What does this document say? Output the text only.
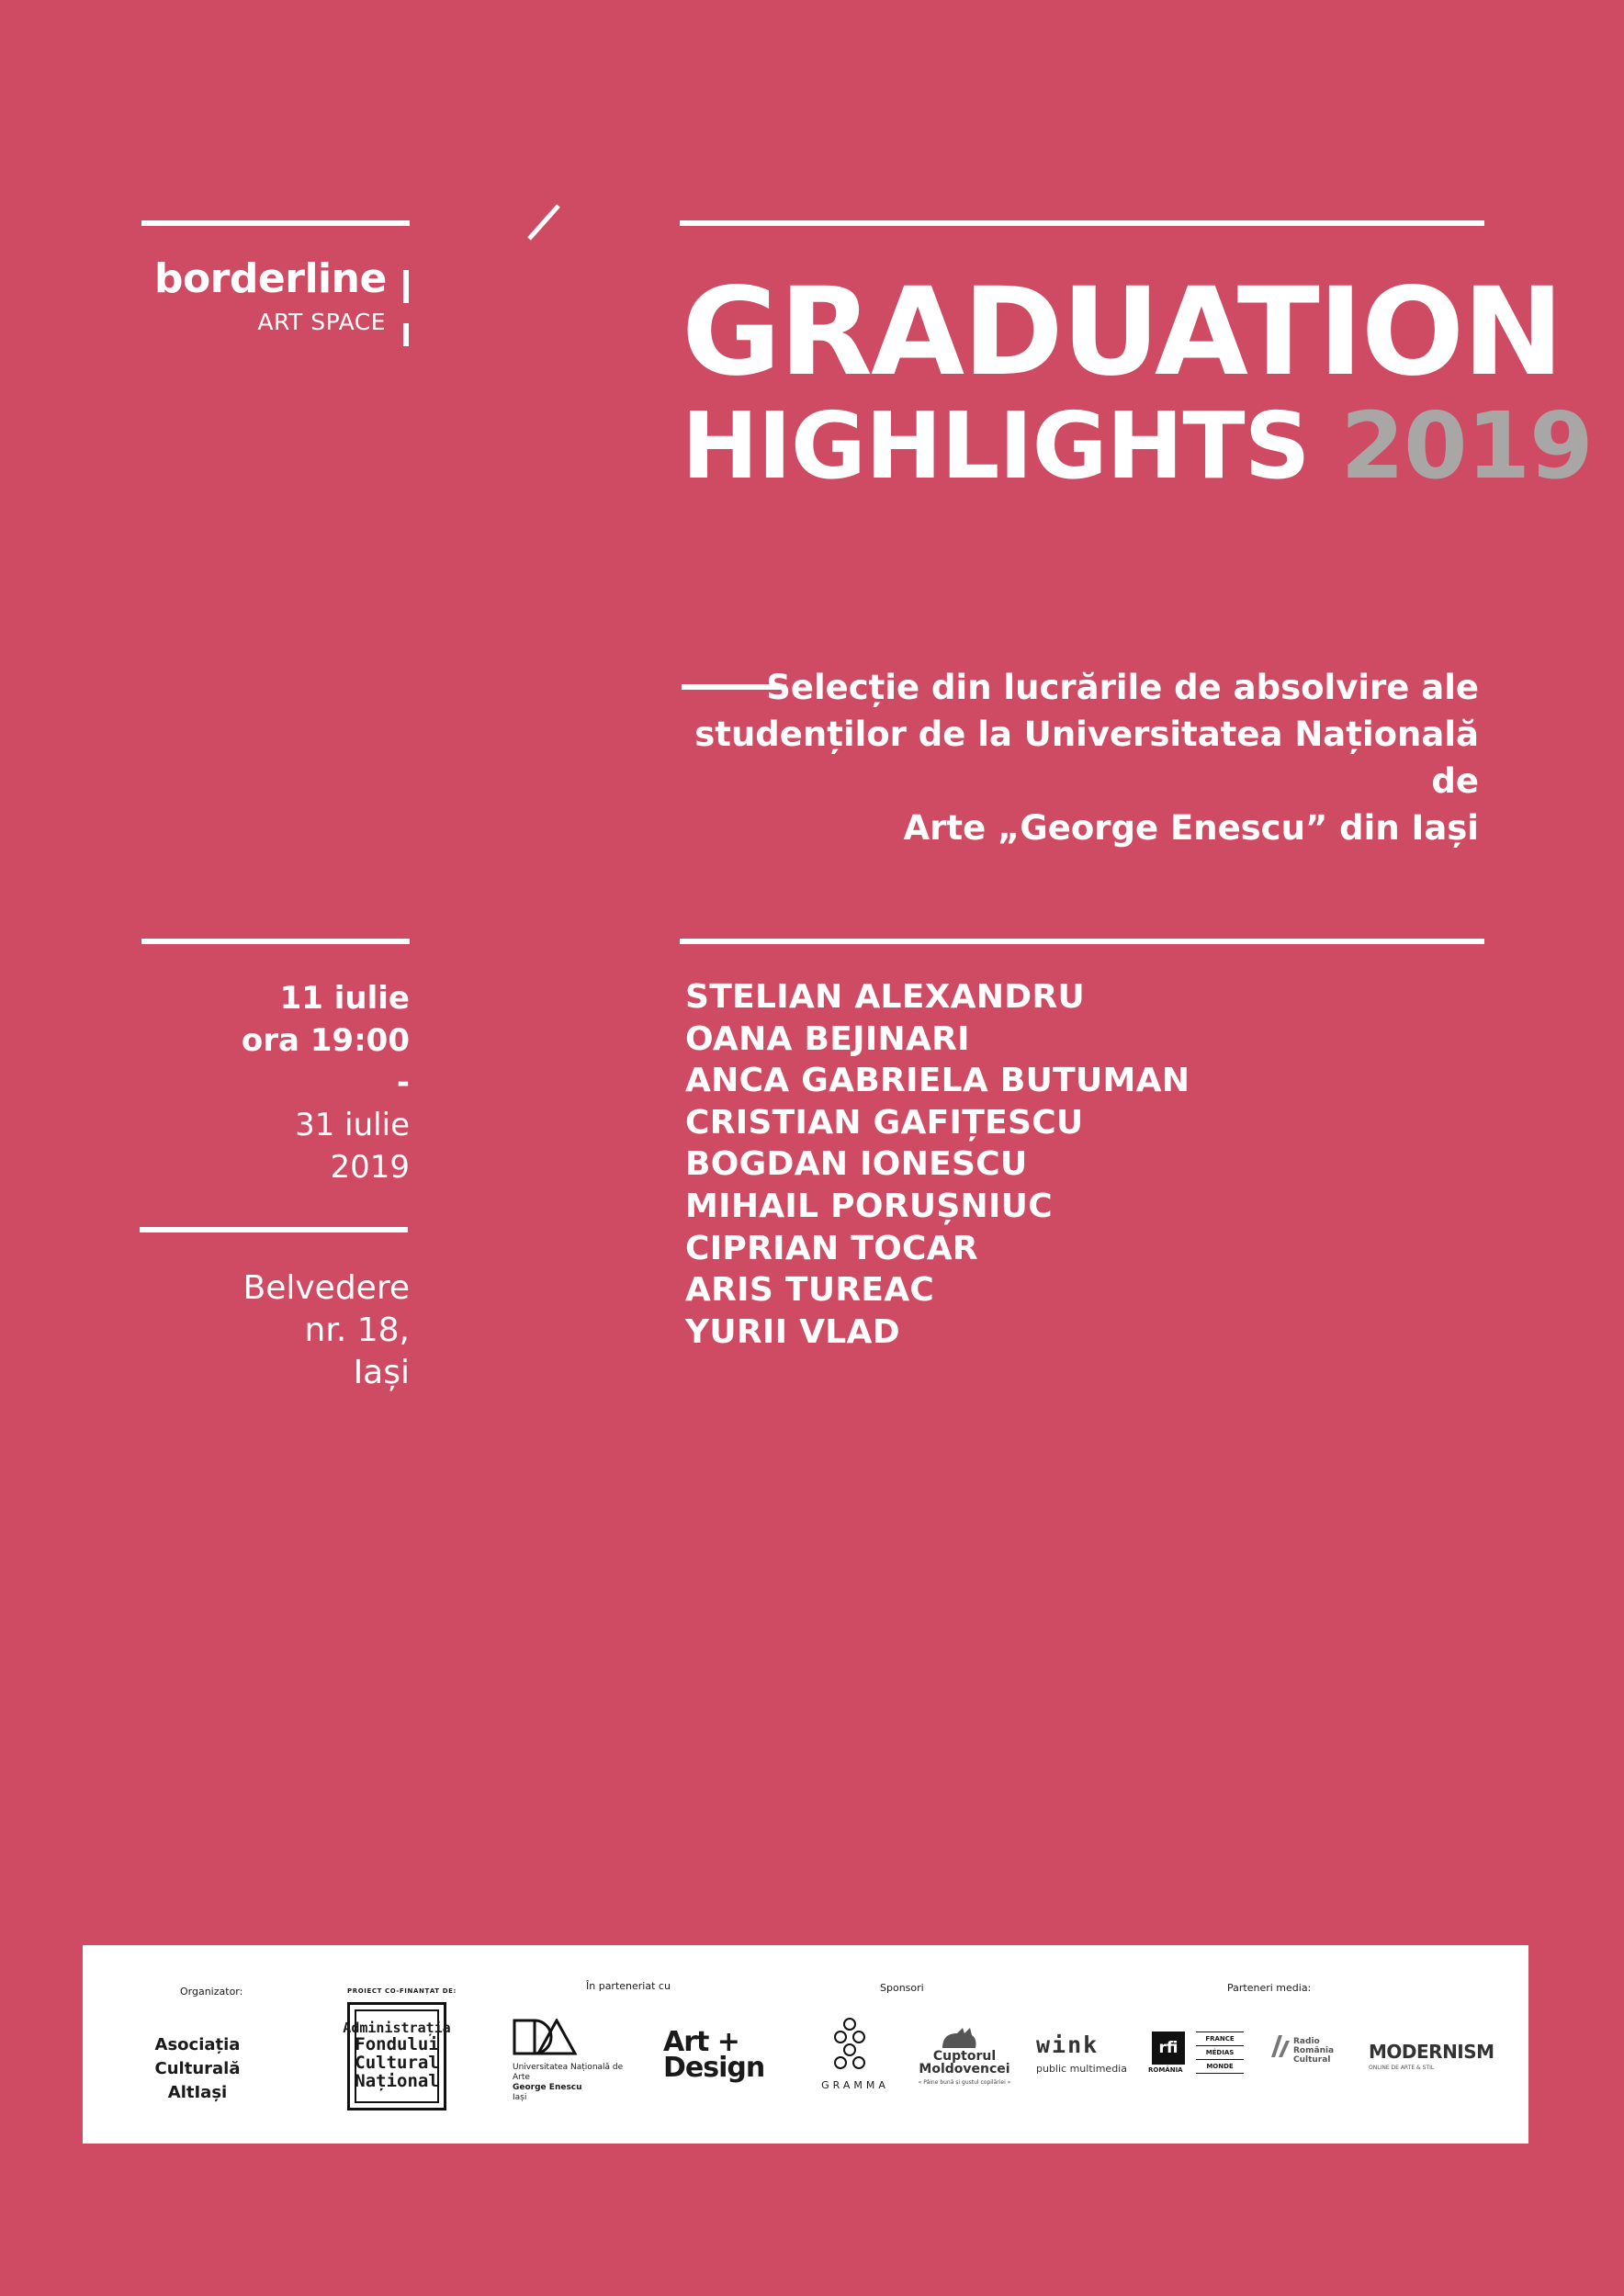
borderline
ART SPACE GRADUATION
HIGHLIGHTS 2019
Selecție din lucrările de absolvire ale
studenților de la Universitatea Națională de
Arte „George Enescu” din Iași
11 iulie
ora 19:00
-
31 iulie
2019
Belvedere
nr. 18,
Iași
STELIAN ALEXANDRU
OANA BEJINARI
ANCA GABRIELA BUTUMAN
CRISTIAN GAFIȚESCU
BOGDAN IONESCU
MIHAIL PORUȘNIUC
CIPRIAN TOCAR
ARIS TUREAC
YURII VLAD
Organizator:
Asociația Culturală
AltIași
PROIECT CO-FINANȚAT DE:
Administrația
Fondului
Cultural
Național
În parteneriat cu
Universitatea Națională de Arte
George Enescu
Iași
Art +
Design
Sponsori
GRAMMA
Cuptorul
Moldovencei
« Pâine bună și gustul copilăriei »
Parteneri media:
wink
public multimedia
rfi
ROMÂNIA
FRANCE
MÉDIAS
MONDE
Radio
România
Cultural MODERNISM
ONLINE DE ARTE & STIL
